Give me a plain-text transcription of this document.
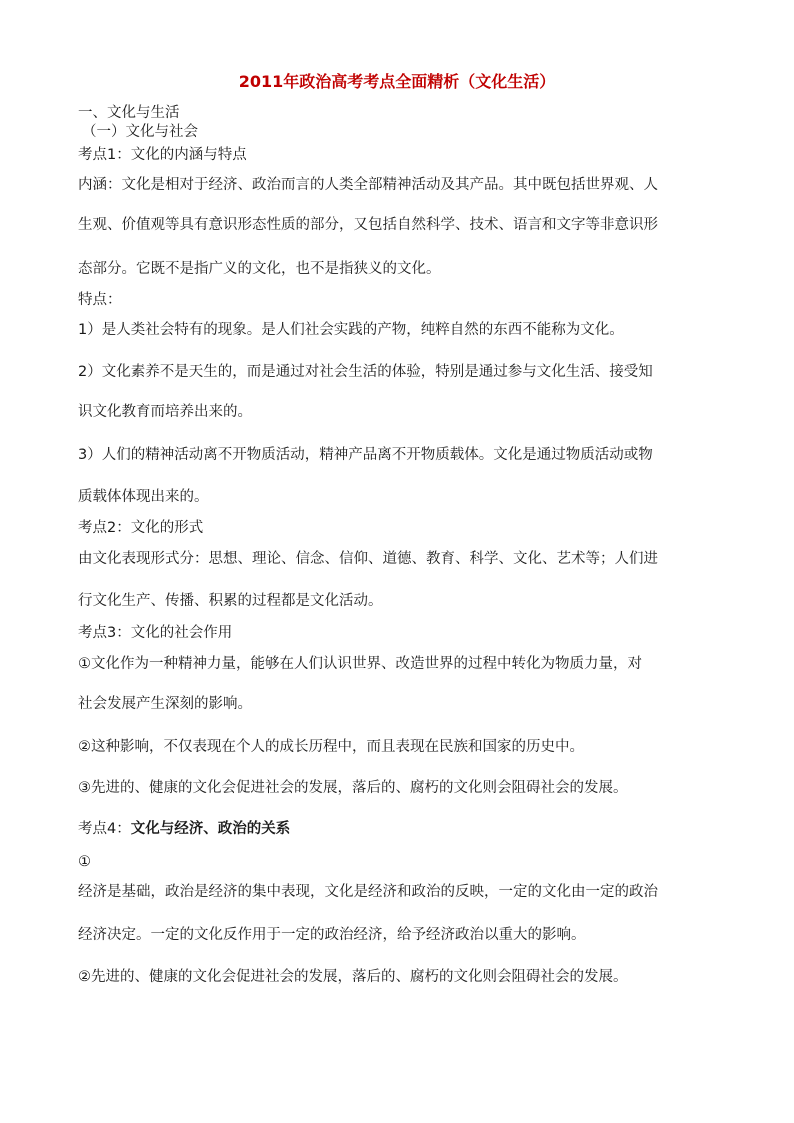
2011年政治高考考点全面精析（文化生活）
一、文化与生活
（一）文化与社会
考点1：文化的内涵与特点
内涵：文化是相对于经济、政治而言的人类全部精神活动及其产品。其中既包括世界观、人
生观、价值观等具有意识形态性质的部分，又包括自然科学、技术、语言和文字等非意识形
态部分。它既不是指广义的文化，也不是指狭义的文化。
特点：
1）是人类社会特有的现象。是人们社会实践的产物，纯粹自然的东西不能称为文化。
2）文化素养不是天生的，而是通过对社会生活的体验，特别是通过参与文化生活、接受知
识文化教育而培养出来的。
3）人们的精神活动离不开物质活动，精神产品离不开物质载体。文化是通过物质活动或物
质载体体现出来的。
考点2：文化的形式
由文化表现形式分：思想、理论、信念、信仰、道德、教育、科学、文化、艺术等；人们进
行文化生产、传播、积累的过程都是文化活动。
考点3：文化的社会作用
①文化作为一种精神力量，能够在人们认识世界、改造世界的过程中转化为物质力量，对
社会发展产生深刻的影响。
②这种影响，不仅表现在个人的成长历程中，而且表现在民族和国家的历史中。
③先进的、健康的文化会促进社会的发展，落后的、腐朽的文化则会阻碍社会的发展。
考点4：文化与经济、政治的关系
①
经济是基础，政治是经济的集中表现，文化是经济和政治的反映，一定的文化由一定的政治
经济决定。一定的文化反作用于一定的政治经济，给予经济政治以重大的影响。
②先进的、健康的文化会促进社会的发展，落后的、腐朽的文化则会阻碍社会的发展。
